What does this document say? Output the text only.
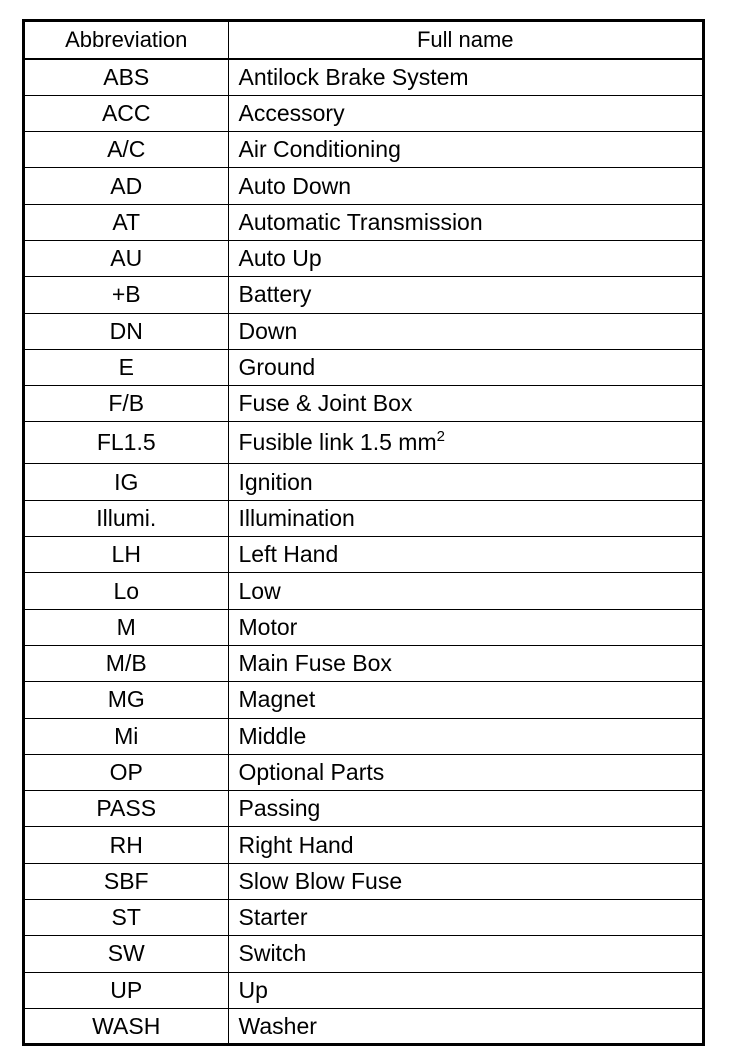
Abbreviation	Full name
ABS	Antilock Brake System
ACC	Accessory
A/C	Air Conditioning
AD	Auto Down
AT	Automatic Transmission
AU	Auto Up
+B	Battery
DN	Down
E	Ground
F/B	Fuse & Joint Box
FL1.5	Fusible link 1.5 $mm^2$
IG	Ignition
Illumi.	Illumination
LH	Left Hand
Lo	Low
M	Motor
M/B	Main Fuse Box
MG	Magnet
Mi	Middle
OP	Optional Parts
PASS	Passing
RH	Right Hand
SBF	Slow Blow Fuse
ST	Starter
SW	Switch
UP	Up
WASH	Washer
